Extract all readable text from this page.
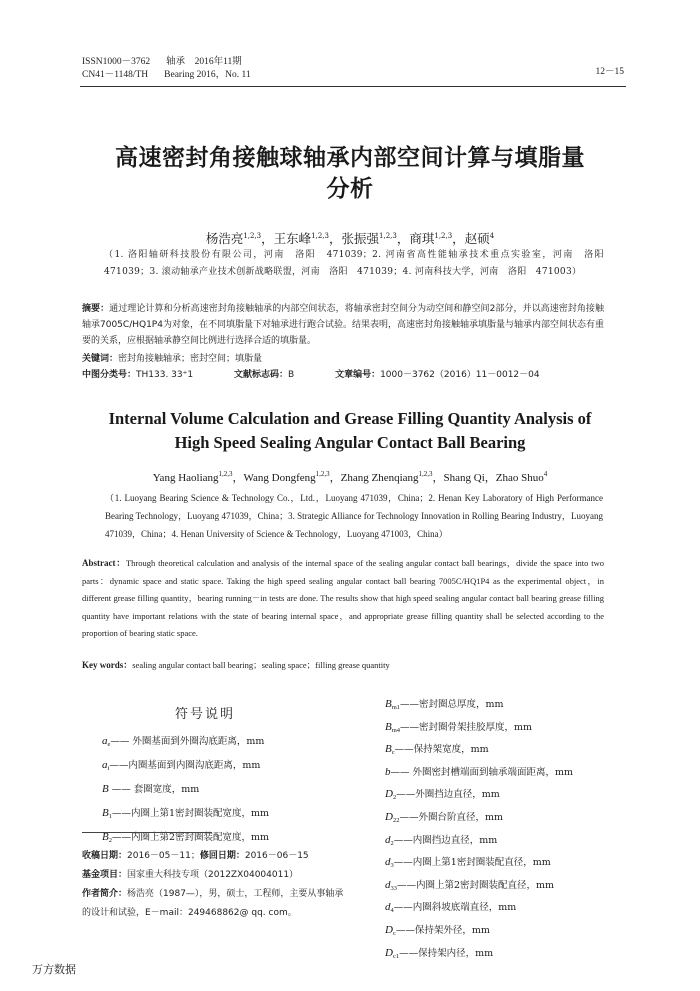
ISSN1000－3762 轴承　 2016年11期
CN41－1148/TH Bearing 2016，No. 11	12－15
高速密封角接触球轴承内部空间计算与填脂量
分析
杨浩亮$^{1,2,3}$，王东峰$^{1,2,3}$，张振强$^{1,2,3}$，商琪$^{1,2,3}$，赵硕$^4$
（1. 洛阳轴研科技股份有限公司，河南　洛阳　471039；2. 河南省高性能轴承技术重点实验室，河南　洛阳　471039；3. 滚动轴承产业技术创新战略联盟，河南　洛阳　471039；4. 河南科技大学，河南　洛阳　471003）
摘要：通过理论计算和分析高速密封角接触轴承的内部空间状态，将轴承密封空间分为动空间和静空间2部分，并以高速密封角接触轴承7005C/HQ1P4为对象，在不同填脂量下对轴承进行跑合试验。结果表明，高速密封角接触轴承填脂量与轴承内部空间状态有重要的关系，应根据轴承静空间比例进行选择合适的填脂量。
关键词：密封角接触轴承；密封空间；填脂量
中图分类号：TH133. 33⁺1	文献标志码：B	文章编号：1000－3762（2016）11－0012－04
Internal Volume Calculation and Grease Filling Quantity Analysis of
High Speed Sealing Angular Contact Ball Bearing
Yang Haoliang$^{1,2,3}$，Wang Dongfeng$^{1,2,3}$，Zhang Zhenqiang$^{1,2,3}$，Shang Qi，Zhao Shuo$^4$
（1. Luoyang Bearing Science & Technology Co.，Ltd.，Luoyang 471039，China；2. Henan Key Laboratory of High Performance Bearing Technology，Luoyang 471039，China；3. Strategic Alliance for Technology Innovation in Rolling Bearing Industry，Luoyang 471039，China；4. Henan University of Science & Technology，Luoyang 471003，China）
Abstract：Through theoretical calculation and analysis of the internal space of the sealing angular contact ball bearings，divide the space into two parts：dynamic space and static space. Taking the high speed sealing angular contact ball bearing 7005C/HQ1P4 as the experimental object，in different grease filling quantity，bearing running－in tests are done. The results show that high speed sealing angular contact ball bearing grease filling quantity have important relations with the state of bearing internal space，and appropriate grease filling quantity shall be selected according to the proportion of bearing static space.
Key words：sealing angular contact ball bearing；sealing space；filling grease quantity
符号说明
$a_e——$ 外圈基面到外圈沟底距离，mm
$a_i——$内圈基面到内圈沟底距离，mm
B —— 套圈宽度，mm
$B_1——$内圈上第1密封圈装配宽度，mm
$B_2——$内圈上第2密封圈装配宽度，mm
$B_{m1}——$密封圈总厚度，mm
$B_{m4}——$密封圈骨架挂胶厚度，mm
$B_c——$保持架宽度，mm
b—— 外圈密封槽端面到轴承端面距离，mm
$D_2——$外圈挡边直径，mm
$D_{22}——$外圈台阶直径，mm
$d_2——$内圈挡边直径，mm
$d_3——$内圈上第1密封圈装配直径，mm
$d_{33}——$内圈上第2密封圈装配直径，mm
$d_4——$内圈斜坡底端直径，mm
$D_c——$保持架外径，mm
$D_{c1}——$保持架内径，mm
收稿日期：2016－05－11；修回日期：2016－06－15
基金项目：国家重大科技专项（2012ZX04004011）
作者简介：杨浩亮（1987—），男，硕士，工程师，主要从事轴承的设计和试验，E－mail：249468862@ qq. com。
万方数据
